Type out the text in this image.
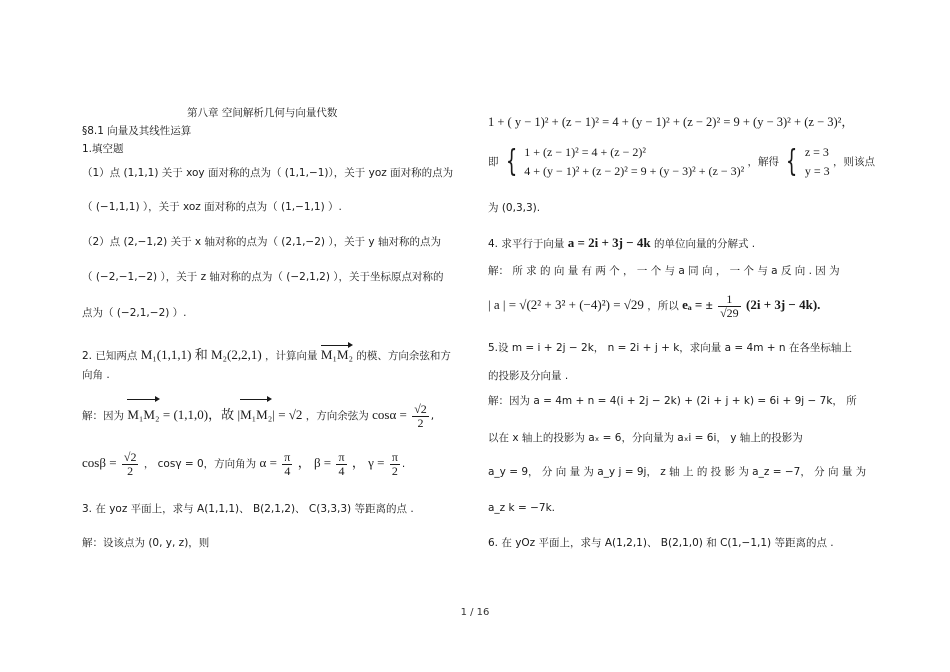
第八章 空间解析几何与向量代数
§8.1 向量及其线性运算
1.填空题
（1）点 (1,1,1) 关于 xoy 面对称的点为（ (1,1,−1)），关于 yoz 面对称的点为
（ (−1,1,1) ），关于 xoz 面对称的点为（ (1,−1,1) ）.
（2）点 (2,−1,2) 关于 x 轴对称的点为（ (2,1,−2) ），关于 y 轴对称的点为
（ (−2,−1,−2) ），关于 z 轴对称的点为（ (−2,1,2) ），关于坐标原点对称的
点为（ (−2,1,−2) ）.
2. 已知两点 M₁(1,1,1) 和 M₂(2,2,1) ，计算向量 M₁M₂ 的模、方向余弦和方
向角 .
解：因为 M₁M₂ = (1,1,0)，故 |M₁M₂| = √2 ，方向余弦为 $\cos\alpha = \frac{√2}{2}$ ,
$\cos\beta = \frac{√2}{2}$ ， cosγ = 0，方向角为 $\alpha = \frac{\pi}{4}$ ， $\beta = \frac{\pi}{4}$ ， $\gamma = \frac{\pi}{2}$ .
3. 在 yoz 平面上，求与 A(1,1,1)、 B(2,1,2)、 C(3,3,3) 等距离的点 .
解：设该点为 (0, y, z)，则
1 + ( y − 1)² + (z − 1)² = 4 + (y − 1)² + (z − 2)² = 9 + (y − 3)² + (z − 3)²，
即 { 1 + (z − 1)² = 4 + (z − 2)²
4 + (y − 1)² + (z − 2)² = 9 + (y − 3)² + (z − 3)²
，解得 { z = 3
y = 3
，则该点
为 (0,3,3).
4. 求平行于向量 a = 2i + 3j − 4k 的单位向量的分解式 .
解： 所 求 的 向 量 有 两 个 ， 一 个 与 a 同 向 ， 一 个 与 a 反 向 . 因 为
| a | = √(2² + 3² + (−4)²) = √29 ，所以 eₐ = ± $\frac{1}{√29} (2i + 3j - 4k)$.
5.设 m = i + 2j − 2k， n = 2i + j + k，求向量 a = 4m + n 在各坐标轴上
的投影及分向量 .
解：因为 a = 4m + n = 4(i + 2j − 2k) + (2i + j + k) = 6i + 9j − 7k， 所
以在 x 轴上的投影为 aₓ = 6，分向量为 aₓi = 6i， y 轴上的投影为
a_y = 9， 分 向 量 为 a_y j = 9j， z 轴 上 的 投 影 为 a_z = −7， 分 向 量 为
a_z k = −7k.
6. 在 yOz 平面上，求与 A(1,2,1)、 B(2,1,0) 和 C(1,−1,1) 等距离的点 .
1 / 16
